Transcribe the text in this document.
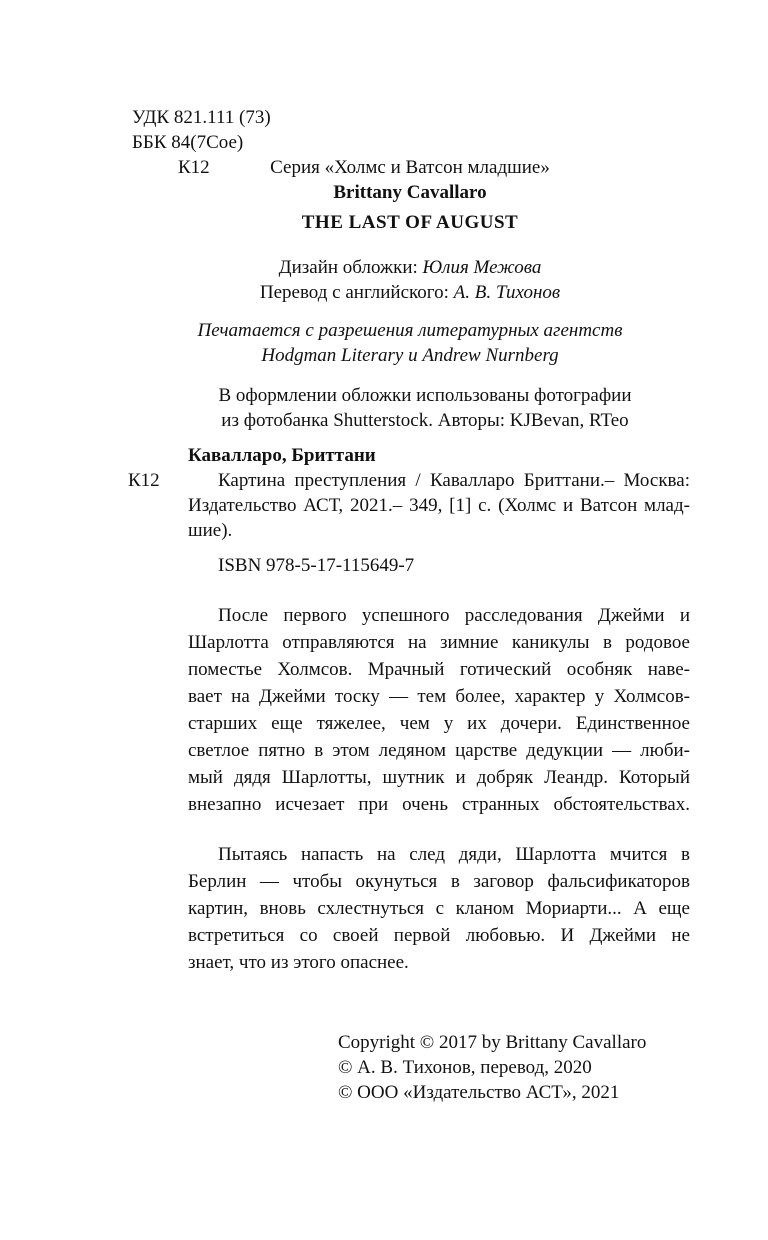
УДК 821.111 (73)
ББК 84(7Сое)
К12	Серия «Холмс и Ватсон младшие»
Brittany Cavallaro
THE LAST OF AUGUST
Дизайн обложки: Юлия Межова
Перевод с английского: А. В. Тихонов
Печатается с разрешения литературных агентств
Hodgman Literary и Andrew Nurnberg
В оформлении обложки использованы фотографии
из фотобанка Shutterstock. Авторы: KJBevan, RTeo
Кавалларо, Бриттани
К12	Картина преступления / Кавалларо Бриттани.– Москва:
Издательство АСТ, 2021.– 349, [1] с. (Холмс и Ватсон млад-
шие).
ISBN 978-5-17-115649-7
После первого успешного расследования Джейми и
Шарлотта отправляются на зимние каникулы в родовое
поместье Холмсов. Мрачный готический особняк наве-
вает на Джейми тоску — тем более, характер у Холмсов-
старших еще тяжелее, чем у их дочери. Единственное
светлое пятно в этом ледяном царстве дедукции — люби-
мый дядя Шарлотты, шутник и добряк Леандр. Который
внезапно исчезает при очень странных обстоятельствах.
Пытаясь напасть на след дяди, Шарлотта мчится в
Берлин — чтобы окунуться в заговор фальсификаторов
картин, вновь схлестнуться с кланом Мориарти... А еще
встретиться со своей первой любовью. И Джейми не
знает, что из этого опаснее.
Copyright © 2017 by Brittany Cavallaro
© А. В. Тихонов, перевод, 2020
© ООО «Издательство АСТ», 2021
